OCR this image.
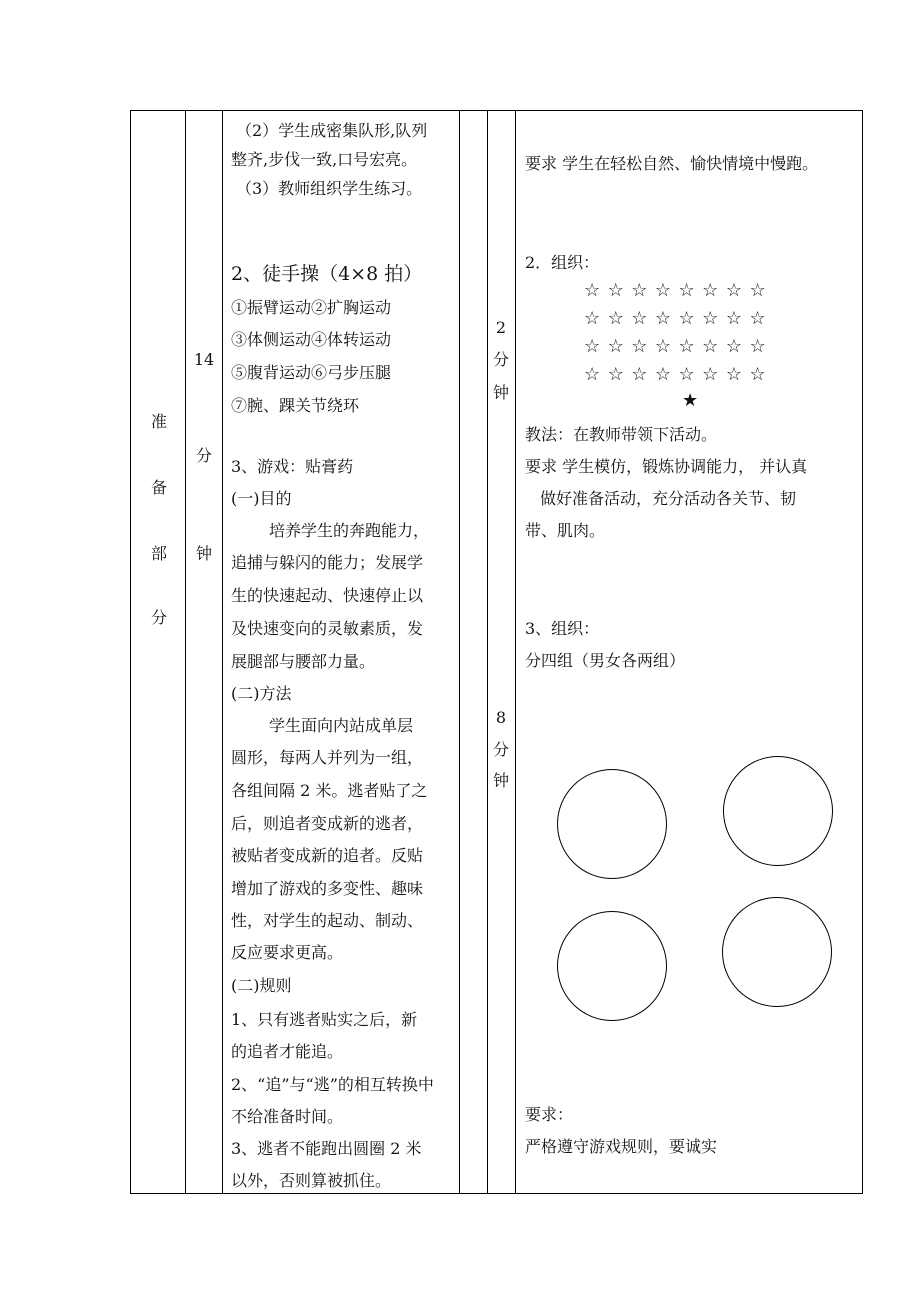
准
备
部
分
14
分
钟
（2）学生成密集队形,队列
整齐,步伐一致,口号宏亮。
（3）教师组织学生练习。
2、徒手操（4×8 拍）
①振臂运动②扩胸运动
③体侧运动④体转运动
⑤腹背运动⑥弓步压腿
⑦腕、踝关节绕环
3、游戏：贴膏药
(一)目的
培养学生的奔跑能力，
追捕与躲闪的能力；发展学
生的快速起动、快速停止以
及快速变向的灵敏素质，发
展腿部与腰部力量。
(二)方法
学生面向内站成单层
圆形，每两人并列为一组，
各组间隔 2 米。逃者贴了之
后，则追者变成新的逃者，
被贴者变成新的追者。反贴
增加了游戏的多变性、趣味
性，对学生的起动、制动、
反应要求更高。
(二)规则
1、只有逃者贴实之后，新
的追者才能追。
2、“追”与“逃”的相互转换中
不给准备时间。
3、逃者不能跑出圆圈 2 米
以外，否则算被抓住。
2
分
钟
8
分
钟
要求 学生在轻松自然、愉快情境中慢跑。
2．组织：
☆☆☆☆☆☆☆☆
☆☆☆☆☆☆☆☆
☆☆☆☆☆☆☆☆
☆☆☆☆☆☆☆☆
★
教法：在教师带领下活动。
要求 学生模仿，锻炼协调能力， 并认真
做好准备活动，充分活动各关节、韧
带、肌肉。
3、组织：
分四组（男女各两组）
要求：
严格遵守游戏规则，要诚实
